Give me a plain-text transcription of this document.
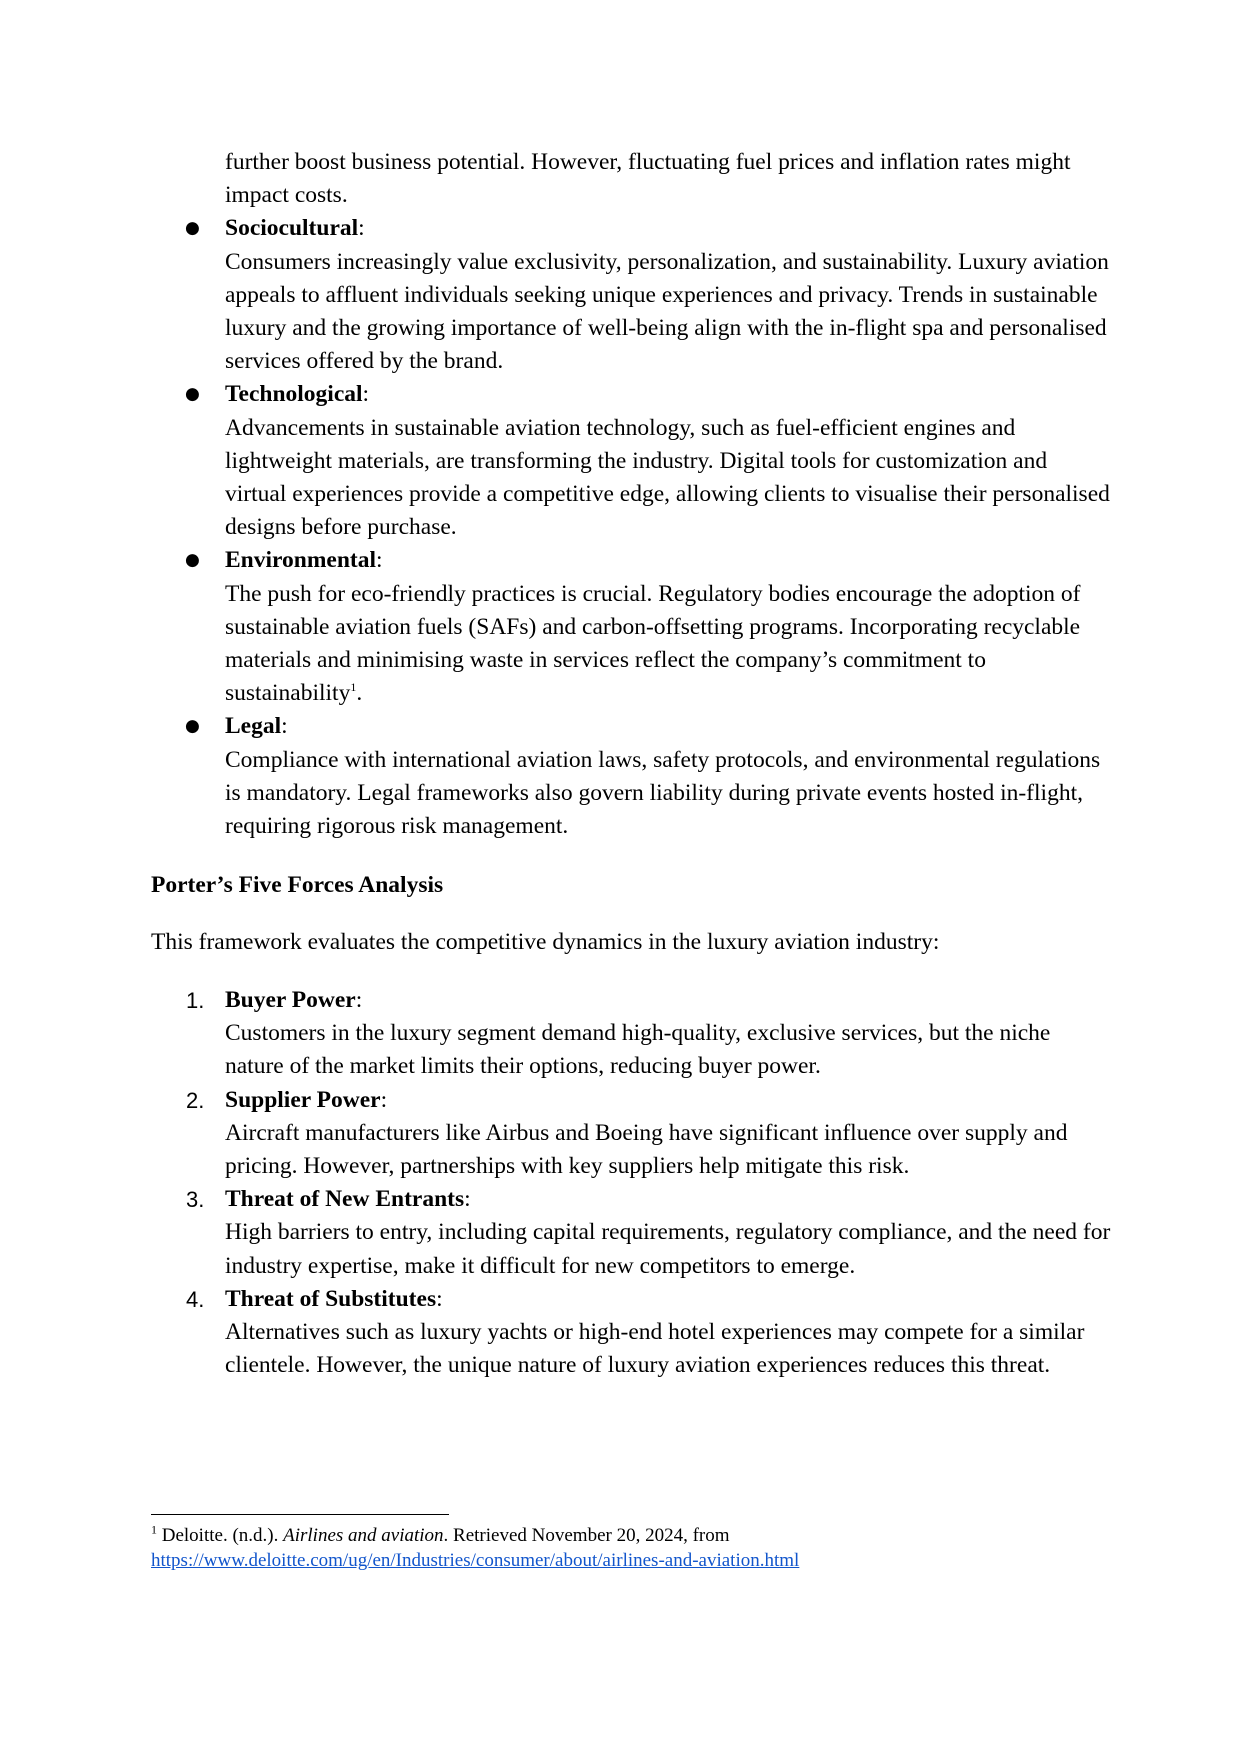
further boost business potential. However, fluctuating fuel prices and inflation rates might impact costs.
● Sociocultural:
Consumers increasingly value exclusivity, personalization, and sustainability. Luxury aviation appeals to affluent individuals seeking unique experiences and privacy. Trends in sustainable luxury and the growing importance of well-being align with the in-flight spa and personalised services offered by the brand.
● Technological:
Advancements in sustainable aviation technology, such as fuel-efficient engines and lightweight materials, are transforming the industry. Digital tools for customization and virtual experiences provide a competitive edge, allowing clients to visualise their personalised designs before purchase.
● Environmental:
The push for eco-friendly practices is crucial. Regulatory bodies encourage the adoption of sustainable aviation fuels (SAFs) and carbon-offsetting programs. Incorporating recyclable materials and minimising waste in services reflect the company’s commitment to sustainability$^1$.
● Legal:
Compliance with international aviation laws, safety protocols, and environmental regulations is mandatory. Legal frameworks also govern liability during private events hosted in-flight, requiring rigorous risk management.
Porter’s Five Forces Analysis

This framework evaluates the competitive dynamics in the luxury aviation industry:

1. Buyer Power:
Customers in the luxury segment demand high-quality, exclusive services, but the niche nature of the market limits their options, reducing buyer power.
2. Supplier Power:
Aircraft manufacturers like Airbus and Boeing have significant influence over supply and pricing. However, partnerships with key suppliers help mitigate this risk.
3. Threat of New Entrants:
High barriers to entry, including capital requirements, regulatory compliance, and the need for industry expertise, make it difficult for new competitors to emerge.
4. Threat of Substitutes:
Alternatives such as luxury yachts or high-end hotel experiences may compete for a similar clientele. However, the unique nature of luxury aviation experiences reduces this threat.
$^1$ Deloitte. (n.d.). Airlines and aviation. Retrieved November 20, 2024, from
https://www.deloitte.com/ug/en/Industries/consumer/about/airlines-and-aviation.html
